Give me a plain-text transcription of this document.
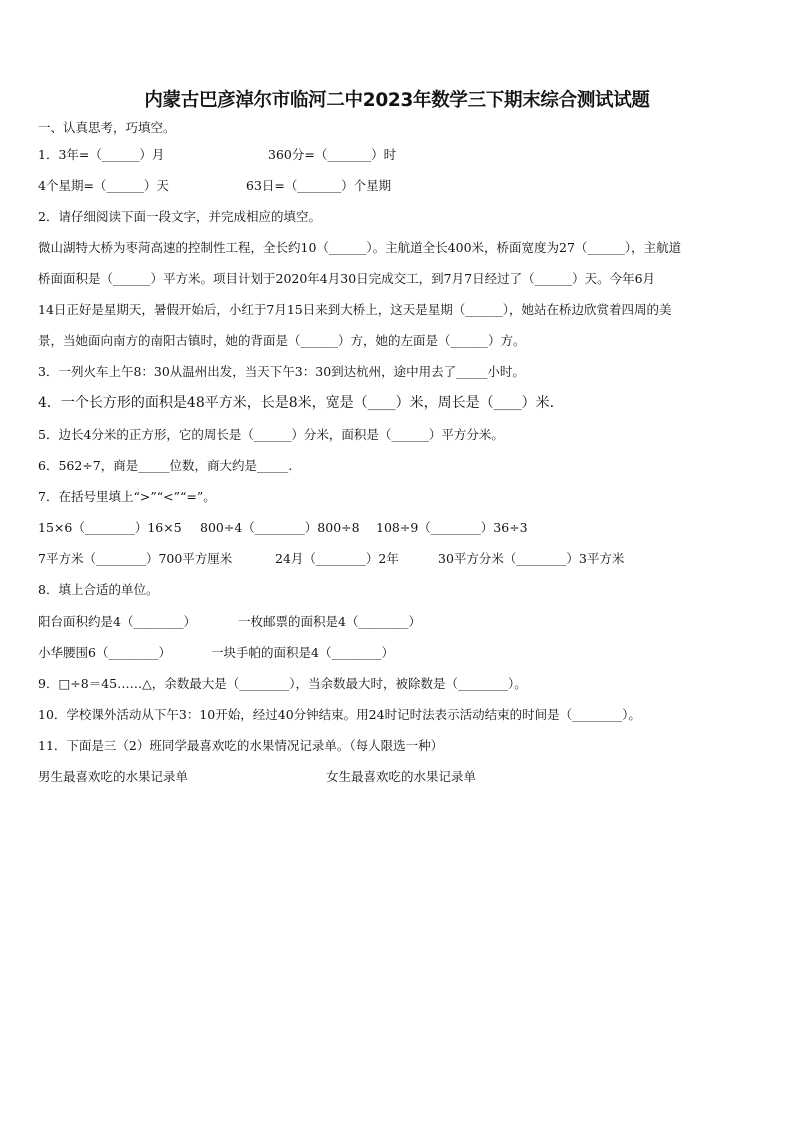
内蒙古巴彦淖尔市临河二中2023年数学三下期末综合测试试题
一、认真思考，巧填空。
1．3年=（______）月	360分=（_______）时
4个星期=（______）天	63日=（_______）个星期
2．请仔细阅读下面一段文字，并完成相应的填空。
微山湖特大桥为枣菏高速的控制性工程，全长约10（______）。主航道全长400米，桥面宽度为27（______），主航道
桥面面积是（______）平方米。项目计划于2020年4月30日完成交工，到7月7日经过了（______）天。今年6月
14日正好是星期天，暑假开始后，小红于7月15日来到大桥上，这天是星期（______），她站在桥边欣赏着四周的美
景，当她面向南方的南阳古镇时，她的背面是（______）方，她的左面是（______）方。
3．一列火车上午8：30从温州出发，当天下午3：30到达杭州，途中用去了_____小时。
4．一个长方形的面积是48平方米，长是8米，宽是（____）米，周长是（____）米.
5．边长4分米的正方形，它的周长是（______）分米，面积是（______）平方分米。
6．562÷7，商是_____位数，商大约是_____.
7．在括号里填上“>”“<”“=”。
15×6（________）16×5 800÷4（________）800÷8 108÷9（________）36÷3
7平方米（________）700平方厘米	24月（________）2年	30平方分米（________）3平方米
8．填上合适的单位。
阳台面积约是4（________）	一枚邮票的面积是4（________）
小华腰围6（________）	一块手帕的面积是4（________）
9．□÷8＝45……△，余数最大是（________），当余数最大时，被除数是（________）。
10．学校课外活动从下午3：10开始，经过40分钟结束。用24时记时法表示活动结束的时间是（________）。
11．下面是三（2）班同学最喜欢吃的水果情况记录单。（每人限选一种）
男生最喜欢吃的水果记录单	女生最喜欢吃的水果记录单
